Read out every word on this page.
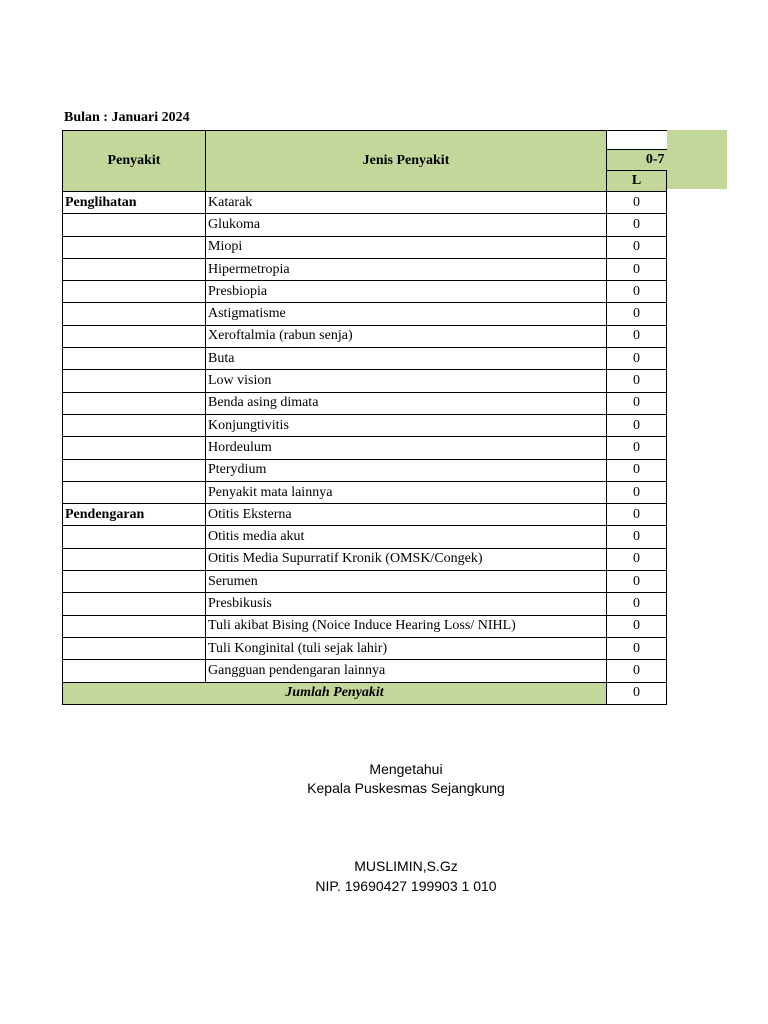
Bulan : Januari 2024
Penyakit	Jenis Penyakit	
		0-7
		L
Penglihatan	Katarak	0
	Glukoma	0
	Miopi	0
	Hipermetropia	0
	Presbiopia	0
	Astigmatisme	0
	Xeroftalmia (rabun senja)	0
	Buta	0
	Low vision	0
	Benda asing dimata	0
	Konjungtivitis	0
	Hordeulum	0
	Pterydium	0
	Penyakit mata lainnya	0
Pendengaran	Otitis Eksterna	0
	Otitis media akut	0
	Otitis Media Supurratif Kronik (OMSK/Congek)	0
	Serumen	0
	Presbikusis	0
	Tuli akibat Bising (Noice Induce Hearing Loss/ NIHL)	0
	Tuli Konginital (tuli sejak lahir)	0
	Gangguan pendengaran lainnya	0
Jumlah Penyakit		0
Mengetahui
Kepala Puskesmas Sejangkung
MUSLIMIN,S.Gz
NIP. 19690427 199903 1 010
